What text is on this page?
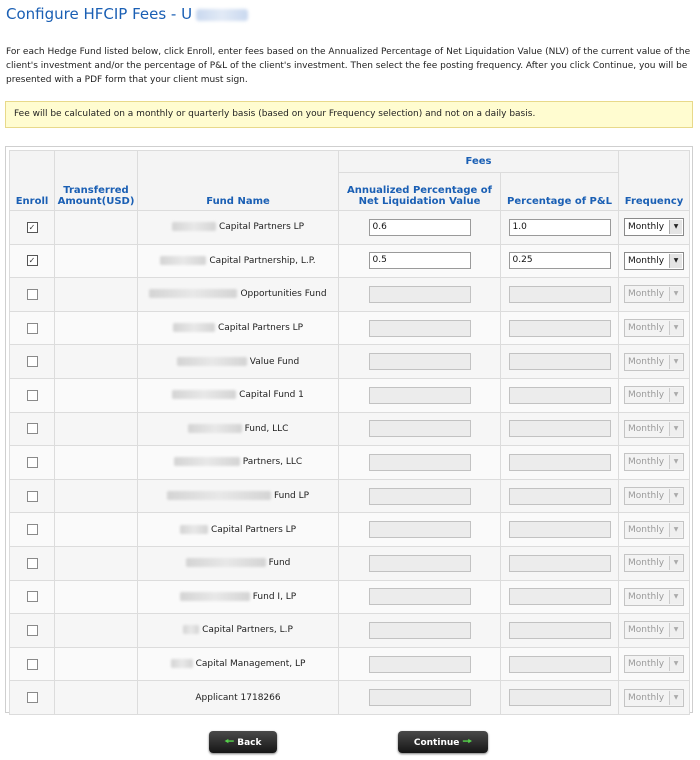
Configure HFCIP Fees - U
For each Hedge Fund listed below, click Enroll, enter fees based on the Annualized Percentage of Net Liquidation Value (NLV) of the current value of the client's investment and/or the percentage of P&L of the client's investment. Then select the fee posting frequency. After you click Continue, you will be presented with a PDF form that your client must sign.
Fee will be calculated on a monthly or quarterly basis (based on your Frequency selection) and not on a daily basis.
Enroll	Transferred Amount(USD)	Fund Name	Fees		Frequency
			Annualized Percentage of Net Liquidation Value	Percentage of P&L	
✓		Capital Partners LP	0.6	1.0	Monthly ▼

✓		Capital Partnership, L.P.	0.5	0.25	Monthly ▼

		Opportunities Fund			Monthly ▼

		Capital Partners LP			Monthly ▼

		Value Fund			Monthly ▼

		Capital Fund 1			Monthly ▼

		Fund, LLC			Monthly ▼

		Partners, LLC			Monthly ▼

		Fund LP			Monthly ▼

		Capital Partners LP			Monthly ▼

		Fund			Monthly ▼

		Fund I, LP			Monthly ▼

		Capital Partners, L.P			Monthly ▼

		Capital Management, LP			Monthly ▼

		Applicant 1718266			Monthly ▼
🠔 Back	Continue 🠖
